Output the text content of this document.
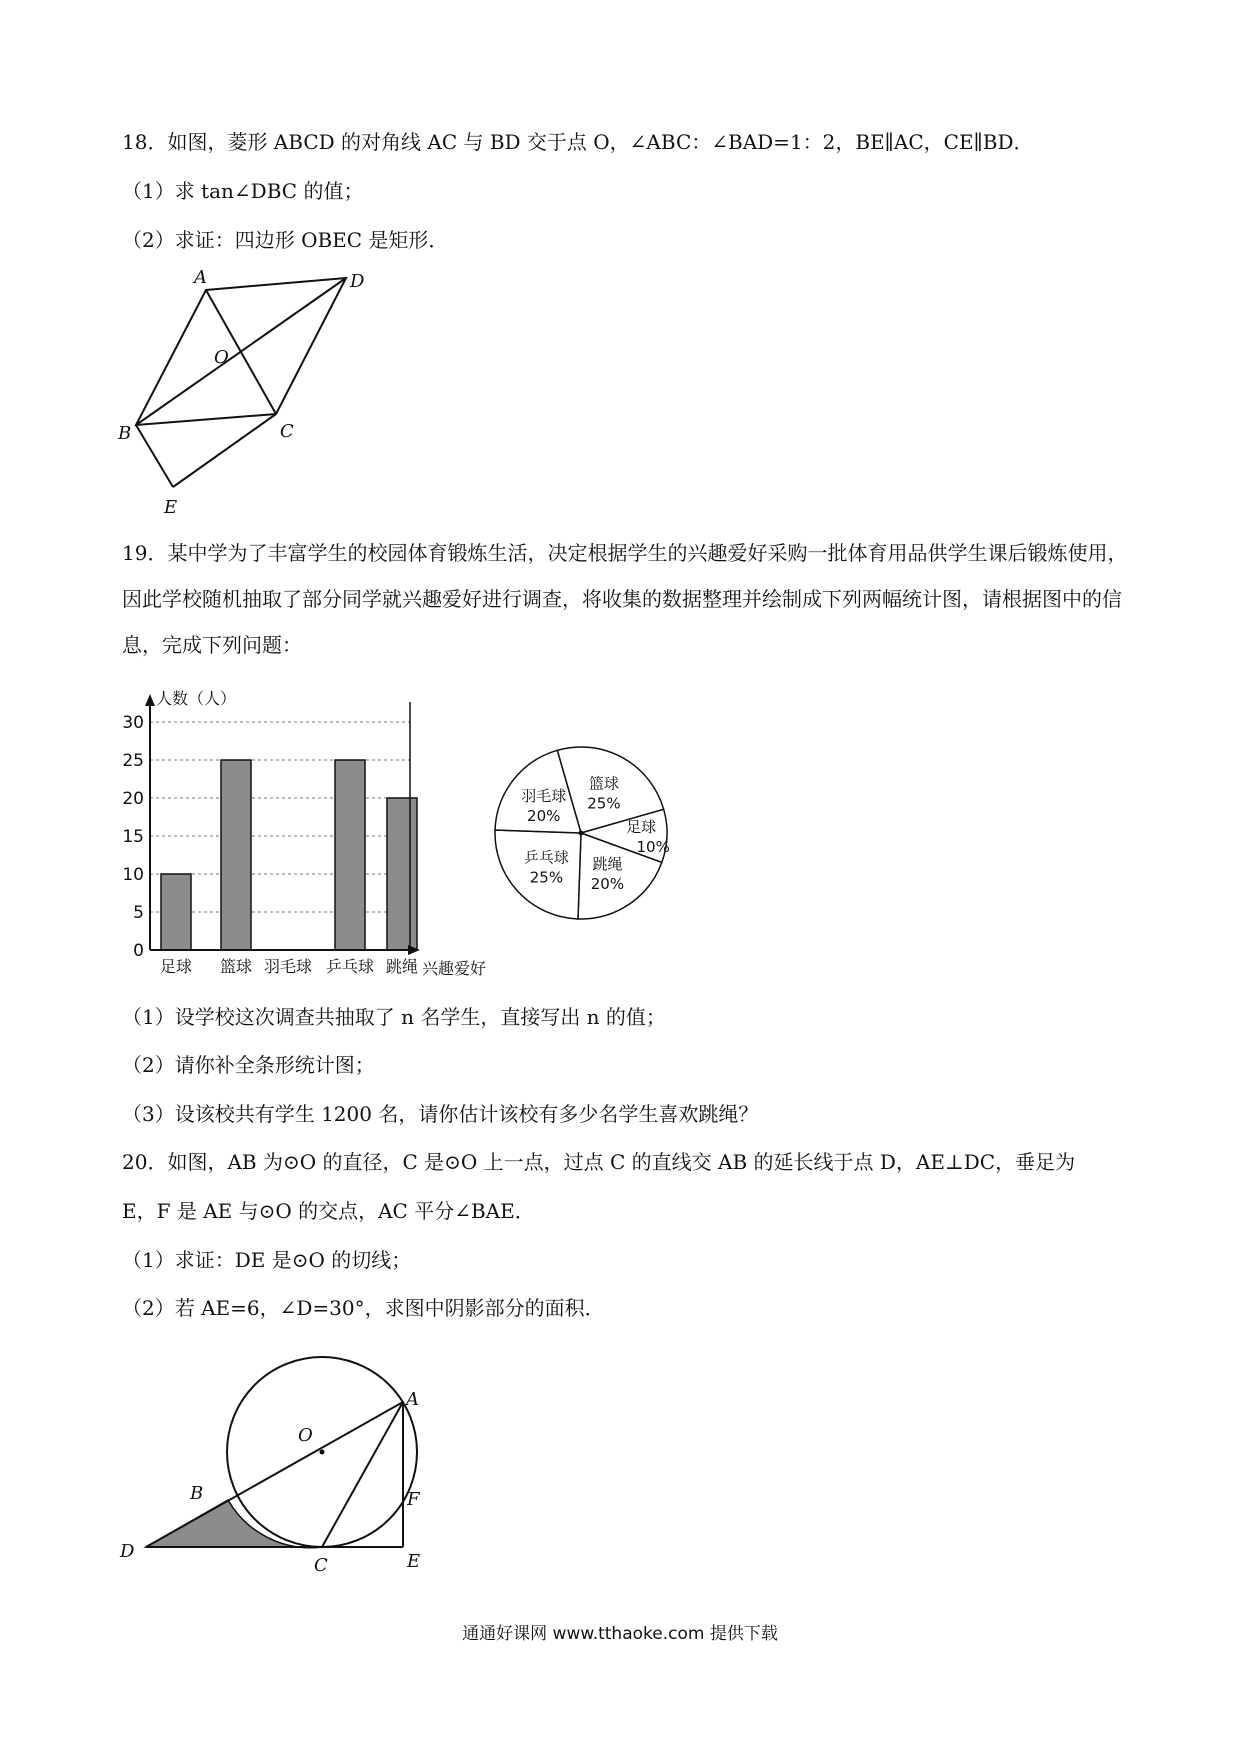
18．如图，菱形 ABCD 的对角线 AC 与 BD 交于点 O，∠ABC：∠BAD=1：2，BE∥AC，CE∥BD．
（1）求 tan∠DBC 的值；
（2）求证：四边形 OBEC 是矩形．
A	D
O
B	C
E
19．某中学为了丰富学生的校园体育锻炼生活，决定根据学生的兴趣爱好采购一批体育用品供学生课后锻炼使用，因此学校随机抽取了部分同学就兴趣爱好进行调查，将收集的数据整理并绘制成下列两幅统计图，请根据图中的信息，完成下列问题：
0
5
10
15
20
25
30
足球 篮球 羽毛球 乒乓球 跳绳
人数（人）
兴趣爱好
篮球
25%
足球
10%
跳绳
20%
乒乓球
25%
羽毛球
20%
（1）设学校这次调查共抽取了 n 名学生，直接写出 n 的值；
（2）请你补全条形统计图；
（3）设该校共有学生 1200 名，请你估计该校有多少名学生喜欢跳绳？
20．如图，AB 为⊙O 的直径，C 是⊙O 上一点，过点 C 的直线交 AB 的延长线于点 D，AE⊥DC，垂足为
E，F 是 AE 与⊙O 的交点，AC 平分∠BAE．
（1）求证：DE 是⊙O 的切线；
（2）若 AE=6，∠D=30°，求图中阴影部分的面积．
A
O
B	F
D
C	E
通通好课网 www.tthaoke.com 提供下载
